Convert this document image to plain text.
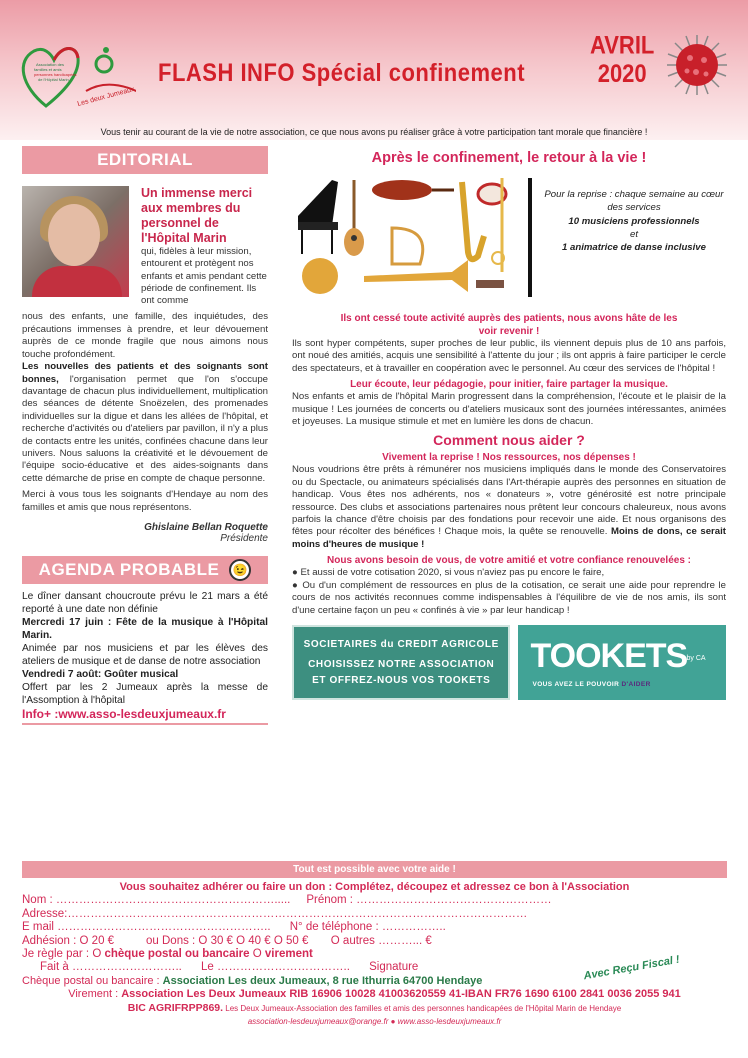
Association des
familles et amis
personnes handicapées
de l'Hôpital Marin
Les deux Jumeaux
FLASH INFO Spécial confinement
AVRIL
2020
Vous tenir au courant de la vie de notre association, ce que nous avons pu réaliser grâce à votre participation tant morale que financière !
EDITORIAL
Un immense merci aux membres du personnel de l'Hôpital Marin
qui, fidèles à leur mission, entourent et protègent nos enfants et amis pendant cette période de confinement. Ils ont comme

nous des enfants, une famille, des inquiétudes, des précautions immenses à prendre, et leur dévouement auprès de ce monde fragile que nous aimons nous touche profondément.

Les nouvelles des patients et des soignants sont bonnes, l'organisation permet que l'on s'occupe davantage de chacun plus individuellement, multiplication des séances de détente Snoëzelen, des promenades individuelles sur la digue et dans les allées de l'hôpital, et recherche d'activités ou d'ateliers par pavillon, il n'y a plus de contacts entre les unités, confinées chacune dans leur univers. Nous saluons la créativité et le dévouement de l'équipe socio-éducative et des aides-soignants dans cette démarche de prise en compte de chaque personne.

Merci à vous tous les soignants d'Hendaye au nom des familles et amis que nous représentons.

Ghislaine Bellan Roquette
Présidente
AGENDA PROBABLE 😉
Le dîner dansant choucroute prévu le 21 mars a été reporté à une date non définie
Mercredi 17 juin : Fête de la musique à l'Hôpital Marin.
Animée par nos musiciens et par les élèves des ateliers de musique et de danse de notre association
Vendredi 7 août: Goûter musical
Offert par les 2 Jumeaux après la messe de l'Assomption à l'hôpital
Info+ :www.asso-lesdeuxjumeaux.fr
Après le confinement, le retour à la vie !
Pour la reprise : chaque semaine au cœur des services
10 musiciens professionnels
et
1 animatrice de danse inclusive
Ils ont cessé toute activité auprès des patients, nous avons hâte de les voir revenir !

Ils sont hyper compétents, super proches de leur public, ils viennent depuis plus de 10 ans parfois, ont noué des amitiés, acquis une sensibilité à l'attente du jour ; ils ont appris à faire participer le cercle des spectateurs, et à travailler en coopération avec le personnel. Au cœur des services de l'hôpital !

Leur écoute, leur pédagogie, pour initier, faire partager la musique.

Nos enfants et amis de l'hôpital Marin progressent dans la compréhension, l'écoute et le plaisir de la musique ! Les journées de concerts ou d'ateliers musicaux sont des journées intéressantes, animées et joyeuses. La musique stimule et met en lumière les dons de chacun.

Comment nous aider ?
Vivement la reprise ! Nos ressources, nos dépenses !

Nous voudrions être prêts à rémunérer nos musiciens impliqués dans le monde des Conservatoires ou du Spectacle, ou animateurs spécialisés dans l'Art-thérapie auprès des personnes en situation de handicap. Vous êtes nos adhérents, nos « donateurs », votre générosité est notre principale ressource. Des clubs et associations partenaires nous prêtent leur concours chaleureux, nous avons parfois la chance d'être choisis par des fondations pour recevoir une aide. Et nous organisons des fêtes pour récolter des bénéfices ! Chaque mois, la quête se renouvelle. Moins de dons, ce serait moins d'heures de musique !

Nous avons besoin de vous, de votre amitié et votre confiance renouvelées :

● Et aussi de votre cotisation 2020, si vous n'aviez pas pu encore le faire,

● Ou d'un complément de ressources en plus de la cotisation, ce serait une aide pour reprendre le cours de nos activités reconnues comme indispensables à l'équilibre de vie de nos amis, ils sont d'une certaine façon un peu « confinés à vie » par leur handicap !

SOCIETAIRES du CREDIT AGRICOLE
CHOISISSEZ NOTRE ASSOCIATION
ET OFFREZ-NOUS VOS TOOKETS
TOOKETS by CA
VOUS AVEZ LE POUVOIR D'AIDER
Tout est possible avec votre aide !
Vous souhaitez adhérer ou faire un don : Complétez, découpez et adressez ce bon à l'Association
Nom : …………………………………………………..... Prénom : ……………………………………………
Adresse:…………………………………………………………………………………………………………
E mail ……………………………………………….. N° de téléphone : ……………..
Adhésion : O 20 €	ou Dons : O 30 € O 40 € O 50 € O autres ………... €
Je règle par : O chèque postal ou bancaire O virement
Fait à ……………………….. Le …………………………….. Signature
Chèque postal ou bancaire : Association Les deux Jumeaux, 8 rue Ithurria 64700 Hendaye
Virement : Association Les Deux Jumeaux RIB 16906 10028 41003620559 41-IBAN FR76 1690 6100 2841 0036 2055 941
BIC AGRIFRPP869. Les Deux Jumeaux-Association des familles et amis des personnes handicapées de l'Hôpital Marin de Hendaye
association-lesdeuxjumeaux@orange.fr ● www.asso-lesdeuxjumeaux.fr
Avec Reçu Fiscal !
